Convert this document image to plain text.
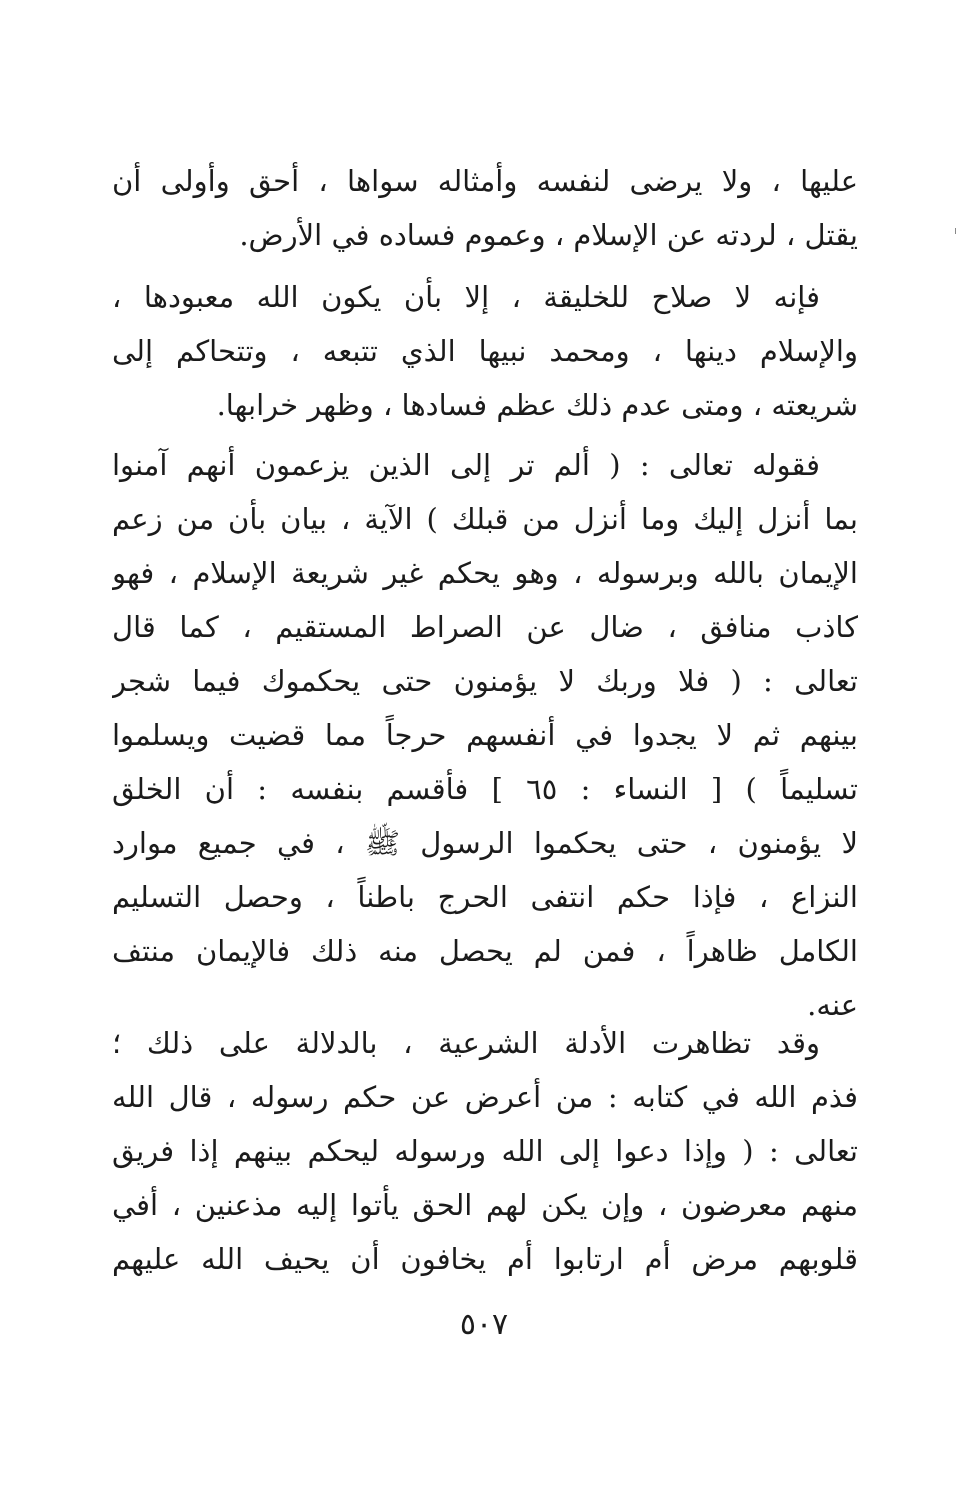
عليها ، ولا يرضى لنفسه وأمثاله سواها ، أحق وأولى أن
يقتل ، لردته عن الإسلام ، وعموم فساده في الأرض.
فإنه لا صلاح للخليقة ، إلا بأن يكون الله معبودها ،
والإسلام دينها ، ومحمد نبيها الذي تتبعه ، وتتحاكم إلى
شريعته ، ومتى عدم ذلك عظم فسادها ، وظهر خرابها.
فقوله تعالى : ( ألم تر إلى الذين يزعمون أنهم آمنوا
بما أنزل إليك وما أنزل من قبلك ) الآية ، بيان بأن من زعم
الإيمان بالله وبرسوله ، وهو يحكم غير شريعة الإسلام ، فهو
كاذب منافق ، ضال عن الصراط المستقيم ، كما قال
تعالى : ( فلا وربك لا يؤمنون حتى يحكموك فيما شجر
بينهم ثم لا يجدوا في أنفسهم حرجاً مما قضيت ويسلموا
تسليماً ) [ النساء : ٦٥ ] فأقسم بنفسه : أن الخلق
لا يؤمنون ، حتى يحكموا الرسول ﷺ ، في جميع موارد
النزاع ، فإذا حكم انتفى الحرج باطناً ، وحصل التسليم
الكامل ظاهراً ، فمن لم يحصل منه ذلك فالإيمان منتف
عنه.
وقد تظاهرت الأدلة الشرعية ، بالدلالة على ذلك ؛
فذم الله في كتابه : من أعرض عن حكم رسوله ، قال الله
تعالى : ( وإذا دعوا إلى الله ورسوله ليحكم بينهم إذا فريق
منهم معرضون ، وإن يكن لهم الحق يأتوا إليه مذعنين ، أفي
قلوبهم مرض أم ارتابوا أم يخافون أن يحيف الله عليهم
٥٠٧
